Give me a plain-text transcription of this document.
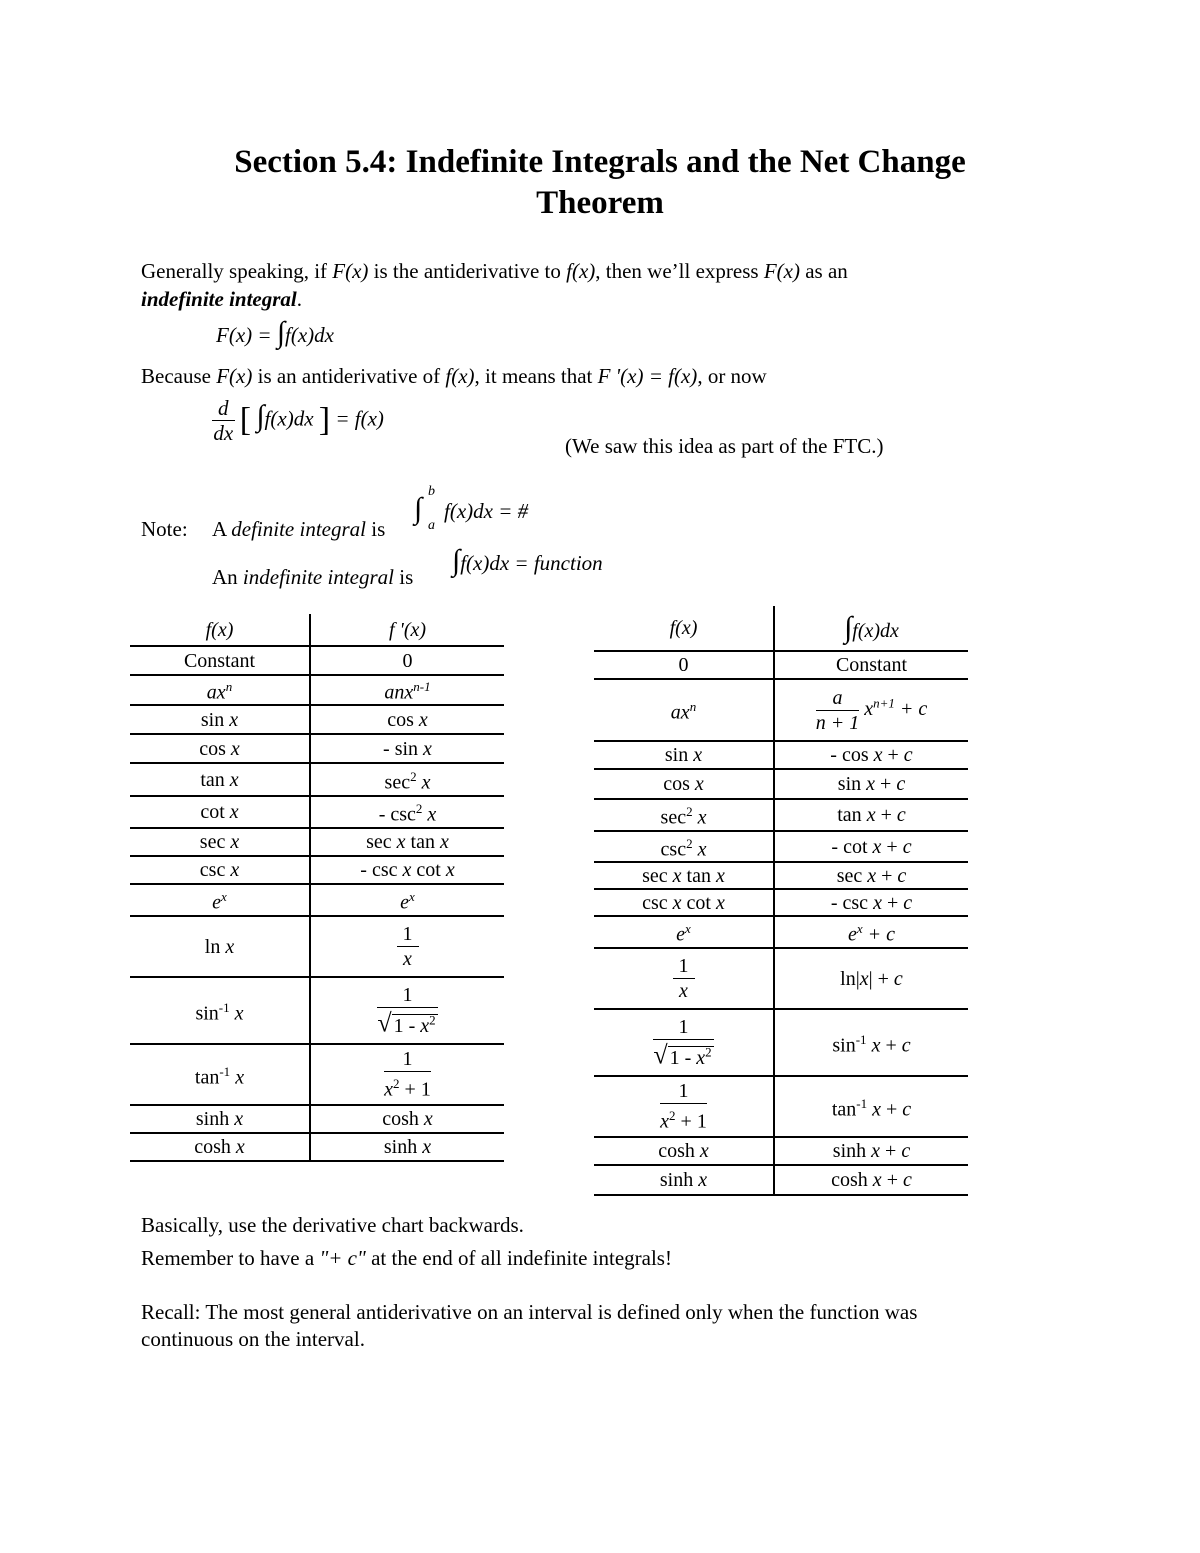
Section 5.4: Indefinite Integrals and the Net Change
Theorem
Generally speaking, if F(x) is the antiderivative to f(x), then we’ll express F(x) as an
indefinite integral.
F(x) = ∫f(x)dx
Because F(x) is an antiderivative of f(x), it means that F '(x) = f(x), or now
$\frac{d}{dx}$ [ ∫f(x)dx ] = f(x)
(We saw this idea as part of the FTC.)
Note: A definite integral is
b
∫
a
f(x)dx = #
An indefinite integral is ∫f(x)dx = function
f(x)	f '(x)
Constant	0
$ax^n$	anx$^{n-1}$
sin x	cos x
cos x	- sin x
tan x	$\sec^2 x$
cot x	- $\csc^2 x$
sec x	sec x tan x
csc x	- csc x cot x
$e^x$	$e^x$
ln x	$\frac{1}{x}$

$\sin^{-1} x$	$\frac{1}{√ 1 - x^2}$

$\tan^{-1} x$	$\frac{1}{x^2 + 1}$

sinh x	cosh x
cosh x	sinh x
f(x)	∫f(x)dx
0	Constant
$ax^n$	$\frac{a}{n + 1} x^{n+1} + c$
sin x	- cos x + c
cos x	sin x + c
$\sec^2 x$	tan x + c
$\csc^2 x$	- cot x + c
sec x tan x	sec x + c
csc x cot x	- csc x + c
$e^x$	$e^x + c$

$\frac{1}{x}$	ln|x| + c

$\frac{1}{√ 1 - x^2}$	$\sin^{-1} x + c$

$\frac{1}{x^2 + 1}$	$\tan^{-1} x + c$
cosh x	sinh x + c
sinh x	cosh x + c
Basically, use the derivative chart backwards.
Remember to have a "+ c" at the end of all indefinite integrals!
Recall: The most general antiderivative on an interval is defined only when the function was
continuous on the interval.
